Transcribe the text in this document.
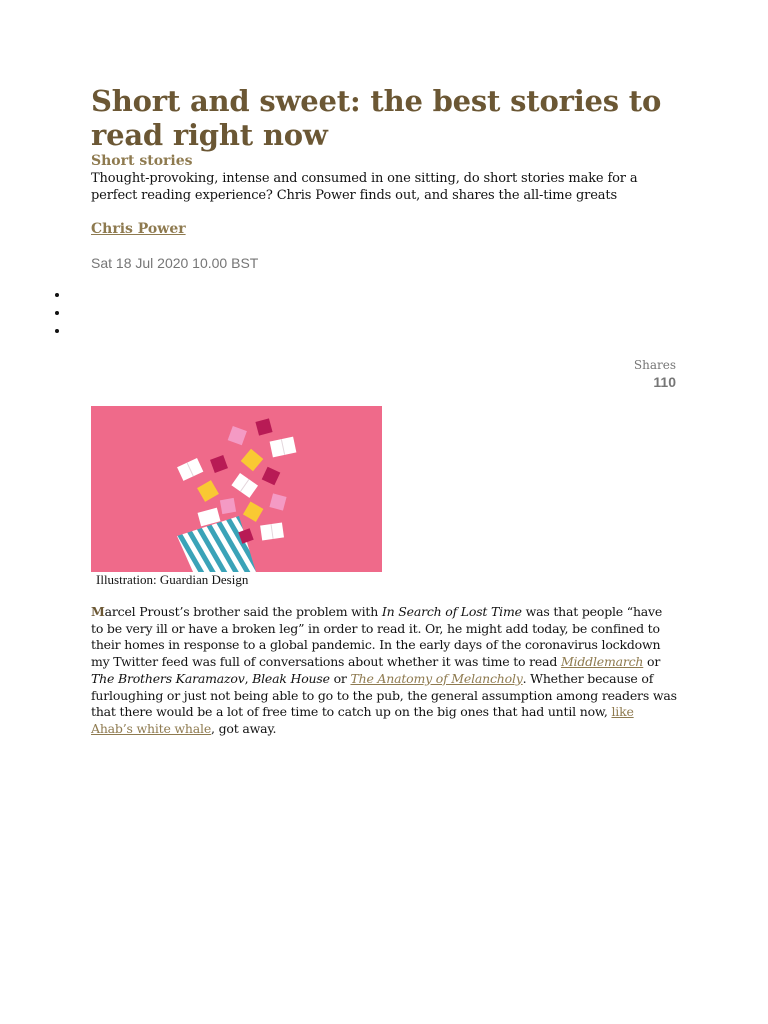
Short and sweet: the best stories to read right now
Short stories
Thought-provoking, intense and consumed in one sitting, do short stories make for a perfect reading experience? Chris Power finds out, and shares the all-time greats
Chris Power
Sat 18 Jul 2020 10.00 BST
Shares
110
Illustration: Guardian Design

Marcel Proust’s brother said the problem with In Search of Lost Time was that people “have to be very ill or have a broken leg” in order to read it. Or, he might add today, be confined to their homes in response to a global pandemic. In the early days of the coronavirus lockdown my Twitter feed was full of conversations about whether it was time to read Middlemarch or The Brothers Karamazov, Bleak House or The Anatomy of Melancholy. Whether because of furloughing or just not being able to go to the pub, the general assumption among readers was that there would be a lot of free time to catch up on the big ones that had until now, like Ahab’s white whale, got away.
